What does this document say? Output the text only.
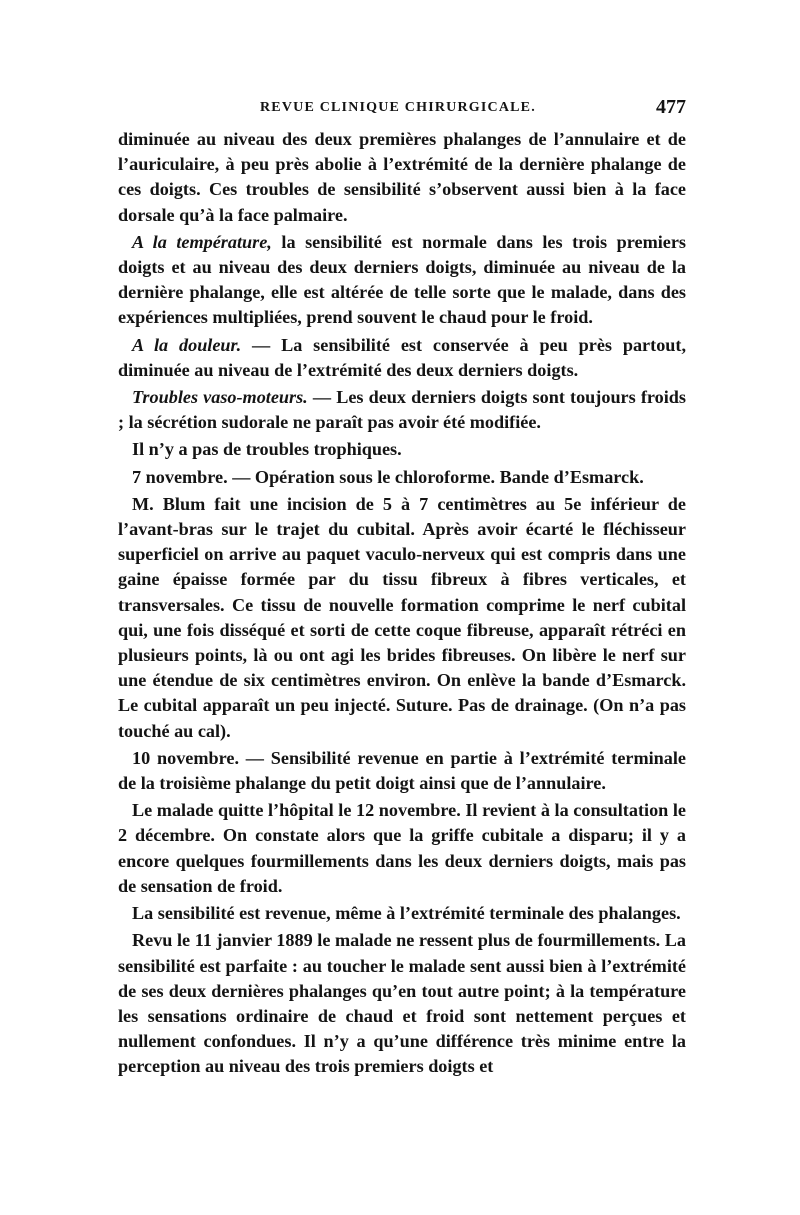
REVUE CLINIQUE CHIRURGICALE.	477

diminuée au niveau des deux premières phalanges de l’annulaire et de l’auriculaire, à peu près abolie à l’extrémité de la dernière phalange de ces doigts. Ces troubles de sensibilité s’observent aussi bien à la face dorsale qu’à la face palmaire.

A la température, la sensibilité est normale dans les trois premiers doigts et au niveau des deux derniers doigts, diminuée au niveau de la dernière phalange, elle est altérée de telle sorte que le malade, dans des expériences multipliées, prend souvent le chaud pour le froid.

A la douleur. — La sensibilité est conservée à peu près partout, diminuée au niveau de l’extrémité des deux derniers doigts.

Troubles vaso-moteurs. — Les deux derniers doigts sont toujours froids ; la sécrétion sudorale ne paraît pas avoir été modifiée.

Il n’y a pas de troubles trophiques.

7 novembre. — Opération sous le chloroforme. Bande d’Esmarck.

M. Blum fait une incision de 5 à 7 centimètres au 5e inférieur de l’avant-bras sur le trajet du cubital. Après avoir écarté le fléchisseur superficiel on arrive au paquet vaculo-nerveux qui est compris dans une gaine épaisse formée par du tissu fibreux à fibres verticales, et transversales. Ce tissu de nouvelle formation comprime le nerf cubital qui, une fois disséqué et sorti de cette coque fibreuse, apparaît rétréci en plusieurs points, là ou ont agi les brides fibreuses. On libère le nerf sur une étendue de six centimètres environ. On enlève la bande d’Esmarck. Le cubital apparaît un peu injecté. Suture. Pas de drainage. (On n’a pas touché au cal).

10 novembre. — Sensibilité revenue en partie à l’extrémité terminale de la troisième phalange du petit doigt ainsi que de l’annulaire.

Le malade quitte l’hôpital le 12 novembre. Il revient à la consultation le 2 décembre. On constate alors que la griffe cubitale a disparu; il y a encore quelques fourmillements dans les deux derniers doigts, mais pas de sensation de froid.

La sensibilité est revenue, même à l’extrémité terminale des phalanges.

Revu le 11 janvier 1889 le malade ne ressent plus de fourmillements. La sensibilité est parfaite : au toucher le malade sent aussi bien à l’extrémité de ses deux dernières phalanges qu’en tout autre point; à la température les sensations ordinaire de chaud et froid sont nettement perçues et nullement confondues. Il n’y a qu’une différence très minime entre la perception au niveau des trois premiers doigts et
